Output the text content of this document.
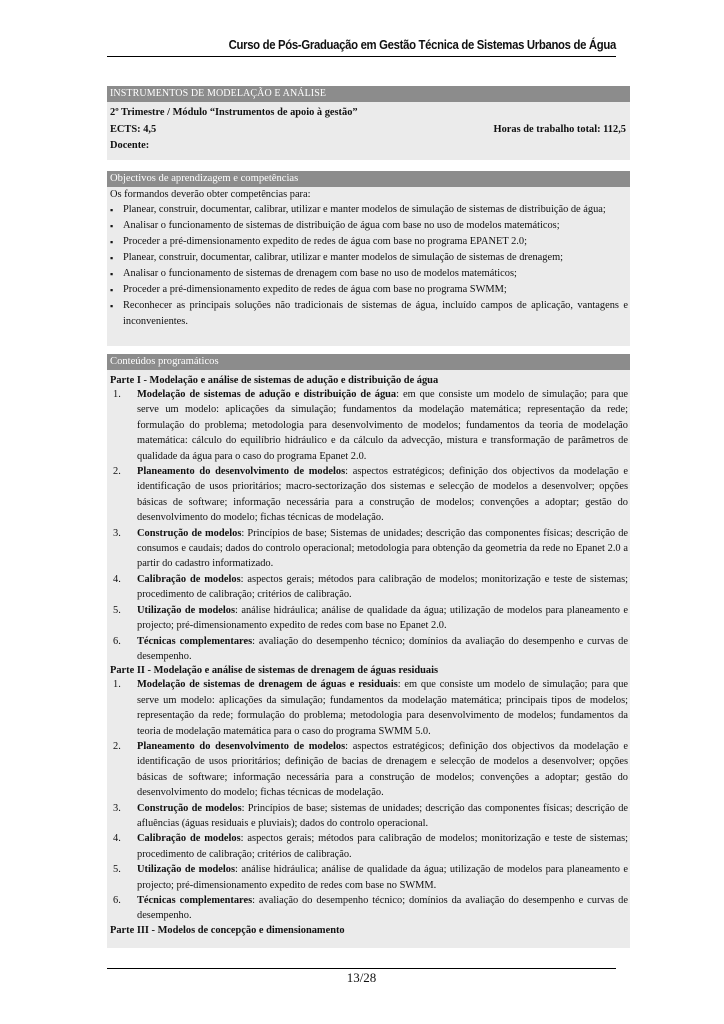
Curso de Pós-Graduação em Gestão Técnica de Sistemas Urbanos de Água
INSTRUMENTOS DE MODELAÇÃO E ANÁLISE
2º Trimestre / Módulo “Instrumentos de apoio à gestão”
ECTS: 4,5	Horas de trabalho total: 112,5
Docente:
Objectivos de aprendizagem e competências
Os formandos deverão obter competências para:
▪ Planear, construir, documentar, calibrar, utilizar e manter modelos de simulação de sistemas de distribuição de água;
▪ Analisar o funcionamento de sistemas de distribuição de água com base no uso de modelos matemáticos;
▪ Proceder a pré-dimensionamento expedito de redes de água com base no programa EPANET 2.0;
▪ Planear, construir, documentar, calibrar, utilizar e manter modelos de simulação de sistemas de drenagem;
▪ Analisar o funcionamento de sistemas de drenagem com base no uso de modelos matemáticos;
▪ Proceder a pré-dimensionamento expedito de redes de água com base no programa SWMM;
▪ Reconhecer as principais soluções não tradicionais de sistemas de água, incluído campos de aplicação, vantagens e inconvenientes.
Conteúdos programáticos
Parte I - Modelação e análise de sistemas de adução e distribuição de água
1. Modelação de sistemas de adução e distribuição de água: em que consiste um modelo de simulação; para que serve um modelo: aplicações da simulação; fundamentos da modelação matemática; representação da rede; formulação do problema; metodologia para desenvolvimento de modelos; fundamentos da teoria de modelação matemática: cálculo do equilíbrio hidráulico e da cálculo da advecção, mistura e transformação de parâmetros de qualidade da água para o caso do programa Epanet 2.0.
2. Planeamento do desenvolvimento de modelos: aspectos estratégicos; definição dos objectivos da modelação e identificação de usos prioritários; macro-sectorização dos sistemas e selecção de modelos a desenvolver; opções básicas de software; informação necessária para a construção de modelos; convenções a adoptar; gestão do desenvolvimento do modelo; fichas técnicas de modelação.
3. Construção de modelos: Princípios de base; Sistemas de unidades; descrição das componentes físicas; descrição de consumos e caudais; dados do controlo operacional; metodologia para obtenção da geometria da rede no Epanet 2.0 a partir do cadastro informatizado.
4. Calibração de modelos: aspectos gerais; métodos para calibração de modelos; monitorização e teste de sistemas; procedimento de calibração; critérios de calibração.
5. Utilização de modelos: análise hidráulica; análise de qualidade da água; utilização de modelos para planeamento e projecto; pré-dimensionamento expedito de redes com base no Epanet 2.0.
6. Técnicas complementares: avaliação do desempenho técnico; domínios da avaliação do desempenho e curvas de desempenho.
Parte II - Modelação e análise de sistemas de drenagem de águas residuais
1. Modelação de sistemas de drenagem de águas e residuais: em que consiste um modelo de simulação; para que serve um modelo: aplicações da simulação; fundamentos da modelação matemática; principais tipos de modelos; representação da rede; formulação do problema; metodologia para desenvolvimento de modelos; fundamentos da teoria de modelação matemática para o caso do programa SWMM 5.0.
2. Planeamento do desenvolvimento de modelos: aspectos estratégicos; definição dos objectivos da modelação e identificação de usos prioritários; definição de bacias de drenagem e selecção de modelos a desenvolver; opções básicas de software; informação necessária para a construção de modelos; convenções a adoptar; gestão do desenvolvimento do modelo; fichas técnicas de modelação.
3. Construção de modelos: Princípios de base; sistemas de unidades; descrição das componentes físicas; descrição de afluências (águas residuais e pluviais); dados do controlo operacional.
4. Calibração de modelos: aspectos gerais; métodos para calibração de modelos; monitorização e teste de sistemas; procedimento de calibração; critérios de calibração.
5. Utilização de modelos: análise hidráulica; análise de qualidade da água; utilização de modelos para planeamento e projecto; pré-dimensionamento expedito de redes com base no SWMM.
6. Técnicas complementares: avaliação do desempenho técnico; domínios da avaliação do desempenho e curvas de desempenho.
Parte III - Modelos de concepção e dimensionamento
13/28
